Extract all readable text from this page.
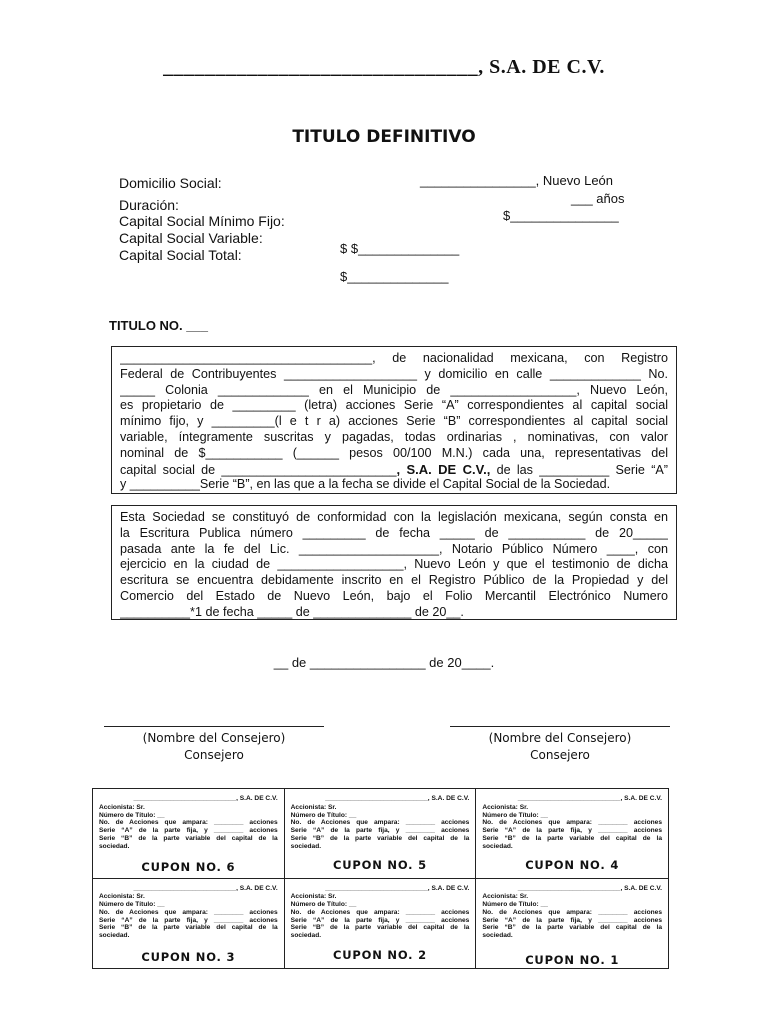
______________________________, S.A. DE C.V.
TITULO DEFINITIVO
Domicilio Social:	________________, Nuevo León
Duración:	___ años
Capital Social Mínimo Fijo:	$_______________
Capital Social Variable:
$ $______________
Capital Social Total:
$______________
TITULO NO. ___
____________________________________, de nacionalidad mexicana, con Registro
Federal de Contribuyentes ___________________ y domicilio en calle _____________ No.
_____ Colonia _____________ en el Municipio de __________________, Nuevo León,
es propietario de _________ (letra) acciones Serie “A” correspondientes al capital social
mínimo fijo, y _________(l e t r a) acciones Serie “B” correspondientes al capital social
variable, íntegramente suscritas y pagadas, todas ordinarias , nominativas, con valor
nominal de $___________ (______ pesos 00/100 M.N.) cada una, representativas del
capital social de _________________________, S.A. DE C.V., de las __________ Serie “A”
y __________Serie “B”, en las que a la fecha se divide el Capital Social de la Sociedad.
Esta Sociedad se constituyó de conformidad con la legislación mexicana, según consta en
la Escritura Publica número _________ de fecha _____ de ___________ de 20_____
pasada ante la fe del Lic. ____________________, Notario Público Número ____, con
ejercicio en la ciudad de __________________, Nuevo León y que el testimonio de dicha
escritura se encuentra debidamente inscrito en el Registro Público de la Propiedad y del
Comercio del Estado de Nuevo León, bajo el Folio Mercantil Electrónico Numero
__________*1 de fecha _____ de ______________ de 20__.
__ de ________________ de 20____.
(Nombre del Consejero)
Consejero
(Nombre del Consejero)
Consejero
____________________________, S.A. DE C.V.
Accionista: Sr.
Número de Título: __
No. de Acciones que ampara: ________ acciones
Serie “A” de la parte fija, y ________ acciones
Serie “B” de la parte variable del capital de la
sociedad.
CUPON NO. 6
____________________________, S.A. DE C.V.
Accionista: Sr.
Número de Título: __
No. de Acciones que ampara: ________ acciones
Serie “A” de la parte fija, y ________ acciones
Serie “B” de la parte variable del capital de la
sociedad.
CUPON NO. 5
____________________________, S.A. DE C.V.
Accionista: Sr.
Número de Título: __
No. de Acciones que ampara: ________ acciones
Serie “A” de la parte fija, y ________ acciones
Serie “B” de la parte variable del capital de la
sociedad.
CUPON NO. 4
____________________________, S.A. DE C.V.
Accionista: Sr.
Número de Título: __
No. de Acciones que ampara: ________ acciones
Serie “A” de la parte fija, y ________ acciones
Serie “B” de la parte variable del capital de la
sociedad.
CUPON NO. 3
____________________________, S.A. DE C.V.
Accionista: Sr.
Número de Título: __
No. de Acciones que ampara: ________ acciones
Serie “A” de la parte fija, y ________ acciones
Serie “B” de la parte variable del capital de la
sociedad.
CUPON NO. 2
____________________________, S.A. DE C.V.
Accionista: Sr.
Número de Título: __
No. de Acciones que ampara: ________ acciones
Serie “A” de la parte fija, y ________ acciones
Serie “B” de la parte variable del capital de la
sociedad.
CUPON NO. 1
